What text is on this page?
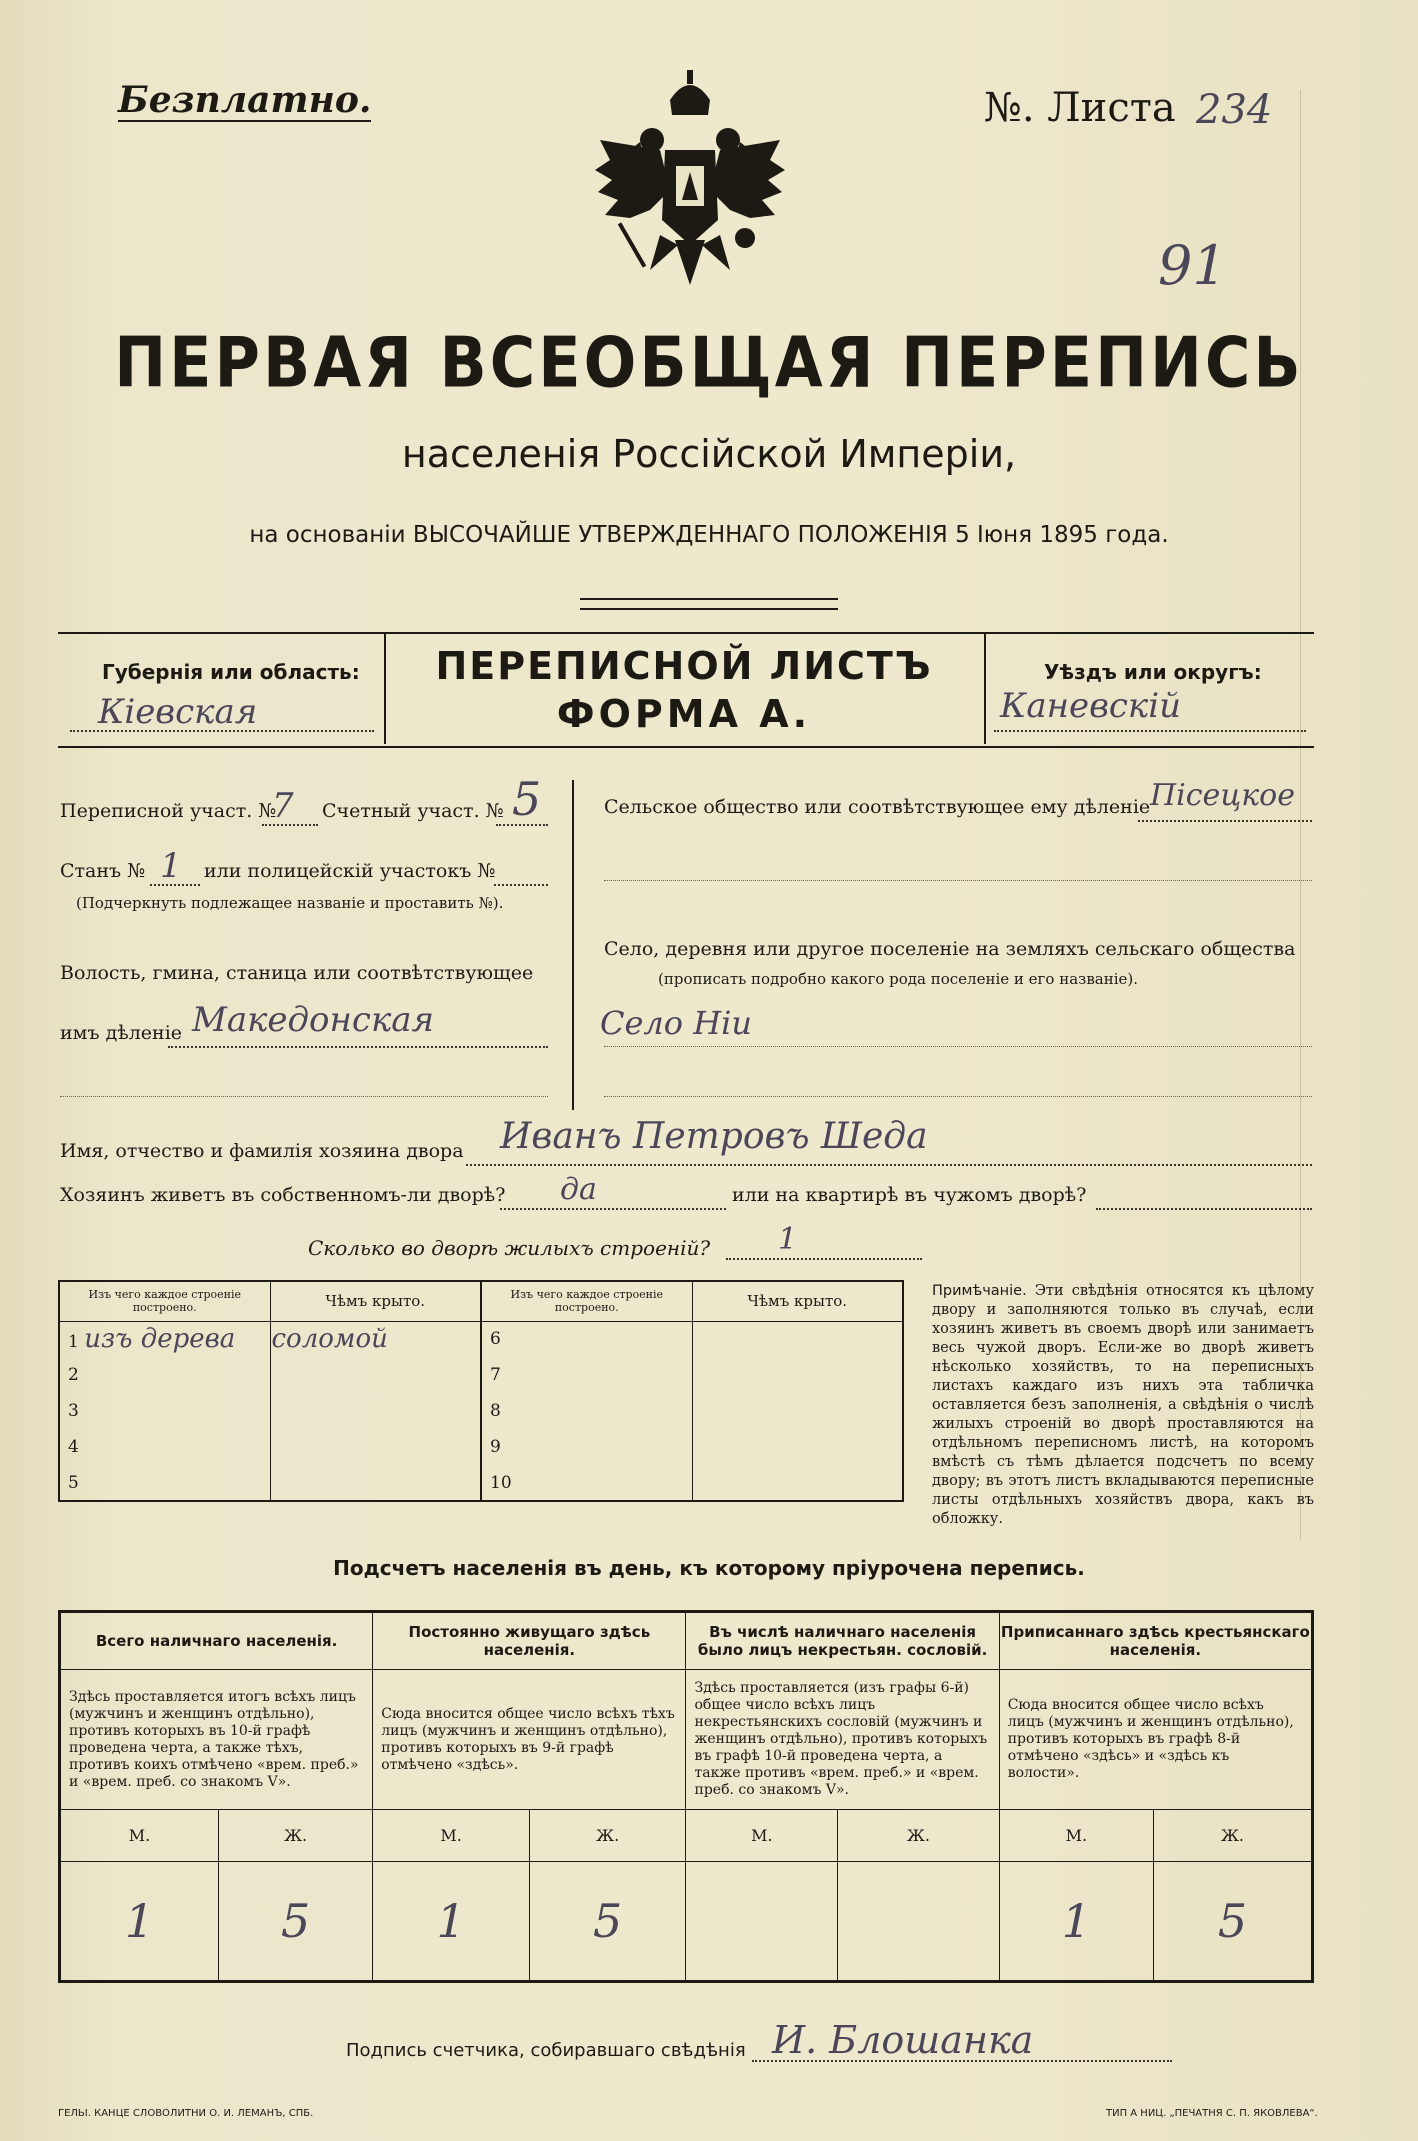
Безплатно.	№. Листа 234
91
ПЕРВАЯ ВСЕОБЩАЯ ПЕРЕПИСЬ
населенія Россійской Имперіи,
на основаніи ВЫСОЧАЙШЕ УТВЕРЖДЕННАГО ПОЛОЖЕНІЯ 5 Іюня 1895 года.
Губернія или область:
Кіевская
ПЕРЕПИСНОЙ ЛИСТЪ
ФОРМА А.
Уѣздъ или округъ:
Каневскій
Переписной участ. №
7 Счетный участ. № 5
Станъ № 1 или полицейскій участокъ №
(Подчеркнуть подлежащее названіе и проставить №).
Волость, гмина, станица или соотвѣтствующее
имъ дѣленіе Македонская
Сельское общество или соотвѣтствующее ему дѣленіе Пісецкое
Село, деревня или другое поселеніе на земляхъ сельскаго общества
(прописать подробно какого рода поселеніе и его названіе).
Село Ніи
Имя, отчество и фамилія хозяина двора Иванъ Петровъ Шеда
Хозяинъ живетъ въ собственномъ-ли дворѣ? да	или на квартирѣ въ чужомъ дворѣ?
Сколько во дворѣ жилыхъ строеній? 1
Изъ чего каждое строеніе построено.	Чѣмъ крыто.	Изъ чего каждое строеніе построено.	Чѣмъ крыто.
1 изъ дерева	соломой	6	
2		7	
3		8	
4		9	
5		10	
Примѣчаніе. Эти свѣдѣнія относятся къ цѣлому двору и заполняются только въ случаѣ, если хозяинъ живетъ въ своемъ дворѣ или занимаетъ весь чужой дворъ. Если-же во дворѣ живетъ нѣсколько хозяйствъ, то на переписныхъ листахъ каждаго изъ нихъ эта табличка оставляется безъ заполненія, а свѣдѣнія о числѣ жилыхъ строеній во дворѣ проставляются на отдѣльномъ переписномъ листѣ, на которомъ вмѣстѣ съ тѣмъ дѣлается подсчетъ по всему двору; въ этотъ листъ вкладываются переписные листы отдѣльныхъ хозяйствъ двора, какъ въ обложку.
Подсчетъ населенія въ день, къ которому пріурочена перепись.
Всего наличнаго населенія.		Постоянно живущаго здѣсь населенія.		Въ числѣ наличнаго населенія было лицъ некрестьян. сословій.		Приписаннаго здѣсь крестьянскаго населенія.	
Здѣсь проставляется итогъ всѣхъ лицъ (мужчинъ и женщинъ отдѣльно), противъ которыхъ въ 10-й графѣ проведена черта, а также тѣхъ, противъ коихъ отмѣчено «врем. преб.» и «врем. преб. со знакомъ V».		Сюда вносится общее число всѣхъ тѣхъ лицъ (мужчинъ и женщинъ отдѣльно), противъ которыхъ въ 9-й графѣ отмѣчено «здѣсь».		Здѣсь проставляется (изъ графы 6-й) общее число всѣхъ лицъ некрестьянскихъ сословій (мужчинъ и женщинъ отдѣльно), противъ которыхъ въ графѣ 10-й проведена черта, а также противъ «врем. преб.» и «врем. преб. со знакомъ V».		Сюда вносится общее число всѣхъ лицъ (мужчинъ и женщинъ отдѣльно), противъ которыхъ въ графѣ 8-й отмѣчено «здѣсь» и «здѣсь къ волости».	
М.	Ж.	М.	Ж.	М.	Ж.	М.	Ж.
1	5	1	5			1	5
Подпись счетчика, собиравшаго свѣдѣнія И. Блошанка
ГЕЛЬІ. КАНЦЕ СЛОВОЛИТНИ О. И. ЛЕМАНЪ, СПБ.	ТИП А НИЦ. „ПЕЧАТНЯ С. П. ЯКОВЛЕВА“.
